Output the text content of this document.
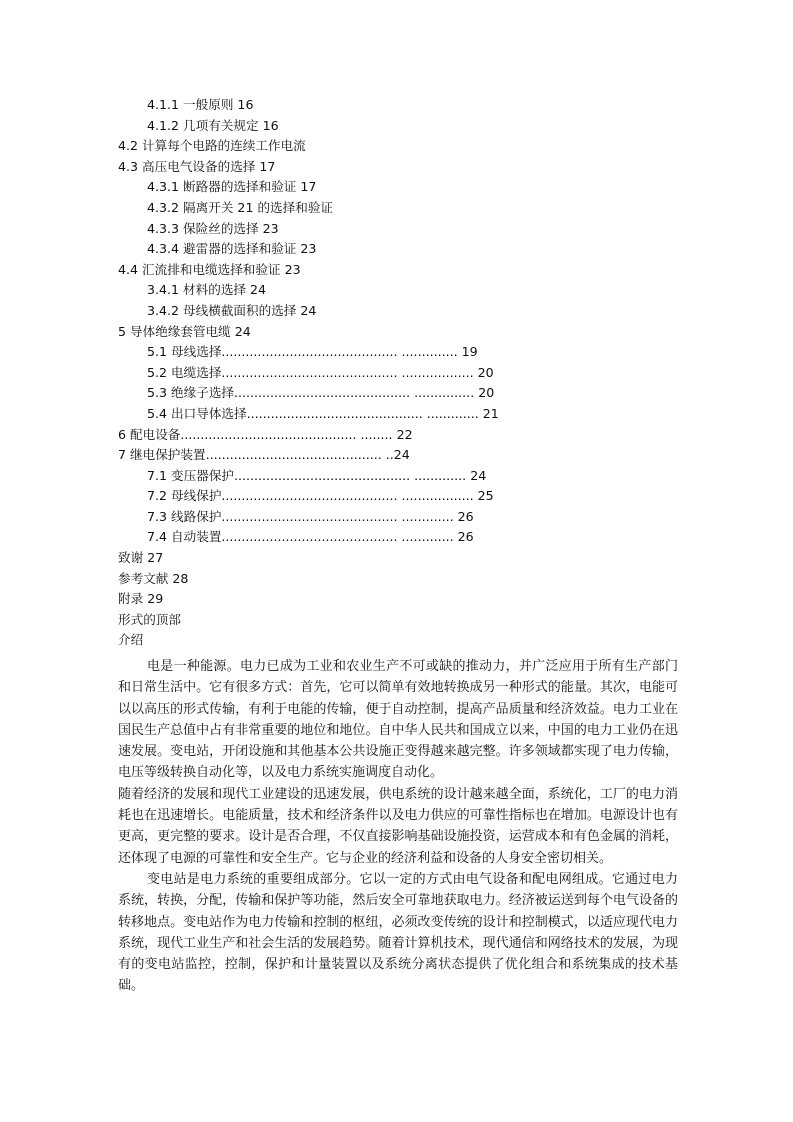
4.1.1 一般原则 16
4.1.2 几项有关规定 16
4.2 计算每个电路的连续工作电流
4.3 高压电气设备的选择 17
4.3.1 断路器的选择和验证 17
4.3.2 隔离开关 21 的选择和验证
4.3.3 保险丝的选择 23
4.3.4 避雷器的选择和验证 23
4.4 汇流排和电缆选择和验证 23
3.4.1 材料的选择 24
3.4.2 母线横截面积的选择 24
5 导体绝缘套管电缆 24
5.1 母线选择............................................ .............. 19
5.2 电缆选择............................................ .................. 20
5.3 绝缘子选择............................................ ............... 20
5.4 出口导体选择............................................ ............. 21
6 配电设备............................................ ........ 22
7 继电保护装置............................................ ..24
7.1 变压器保护............................................ ............. 24
7.2 母线保护............................................ .................. 25
7.3 线路保护............................................ ............. 26
7.4 自动装置............................................ ............. 26
致谢 27
参考文献 28
附录 29
形式的顶部
介绍

电是一种能源。电力已成为工业和农业生产不可或缺的推动力，并广泛应用于所有生产部门和日常生活中。它有很多方式：首先，它可以简单有效地转换成另一种形式的能量。其次，电能可以以高压的形式传输，有利于电能的传输，便于自动控制，提高产品质量和经济效益。电力工业在国民生产总值中占有非常重要的地位和地位。自中华人民共和国成立以来，中国的电力工业仍在迅速发展。变电站，开闭设施和其他基本公共设施正变得越来越完整。许多领域都实现了电力传输，电压等级转换自动化等，以及电力系统实施调度自动化。

随着经济的发展和现代工业建设的迅速发展，供电系统的设计越来越全面，系统化，工厂的电力消耗也在迅速增长。电能质量，技术和经济条件以及电力供应的可靠性指标也在增加。电源设计也有更高，更完整的要求。设计是否合理，不仅直接影响基础设施投资，运营成本和有色金属的消耗，还体现了电源的可靠性和安全生产。它与企业的经济利益和设备的人身安全密切相关。

变电站是电力系统的重要组成部分。它以一定的方式由电气设备和配电网组成。它通过电力系统，转换，分配，传输和保护等功能，然后安全可靠地获取电力。经济被运送到每个电气设备的转移地点。变电站作为电力传输和控制的枢纽，必须改变传统的设计和控制模式，以适应现代电力系统，现代工业生产和社会生活的发展趋势。随着计算机技术，现代通信和网络技术的发展，为现有的变电站监控，控制，保护和计量装置以及系统分离状态提供了优化组合和系统集成的技术基础。
